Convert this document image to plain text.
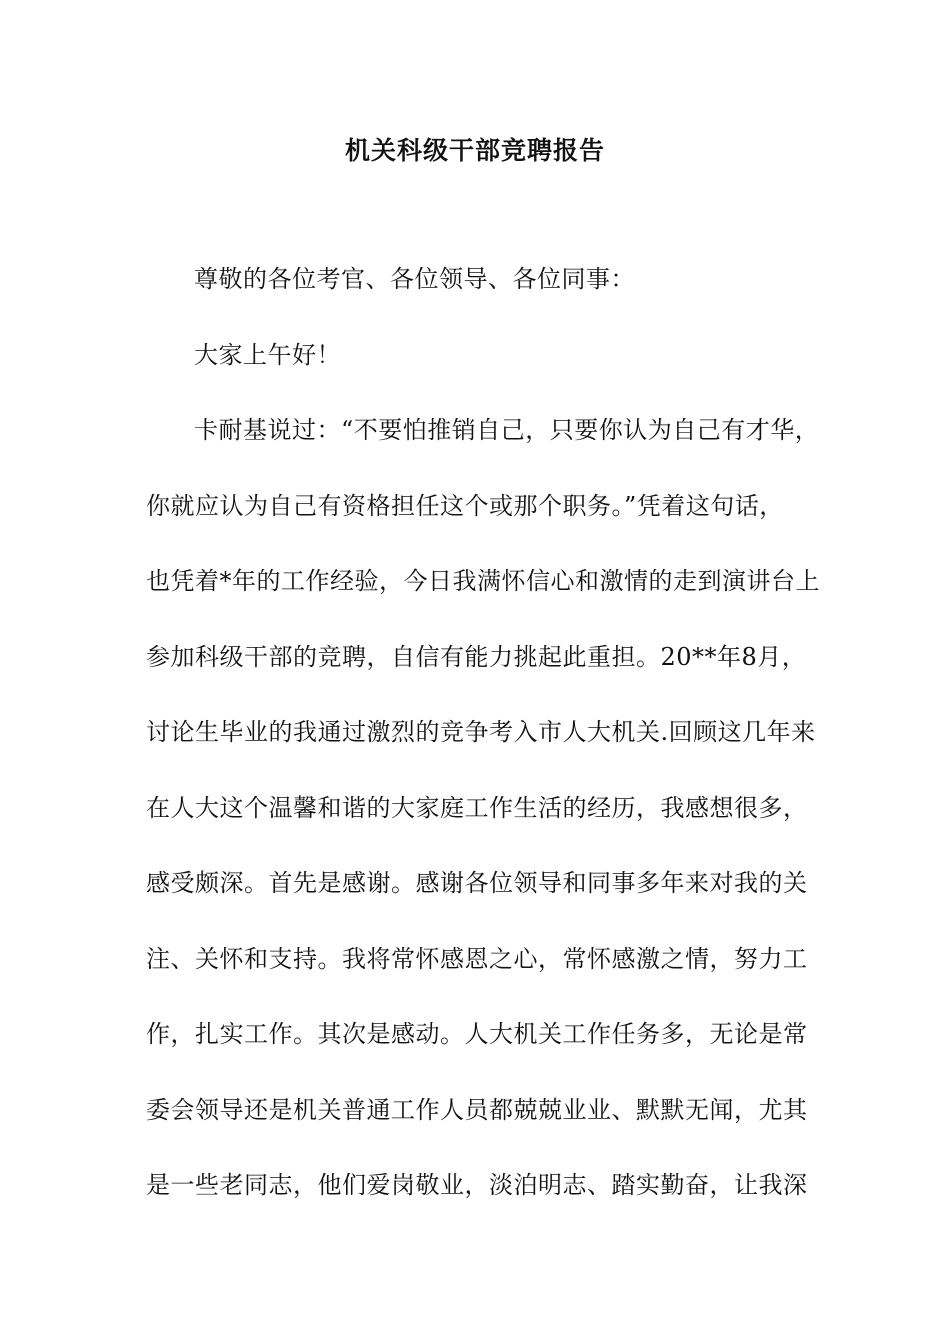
机关科级干部竞聘报告
尊敬的各位考官、各位领导、各位同事：
大家上午好！
卡耐基说过：“不要怕推销自己，只要你认为自己有才华，
你就应认为自己有资格担任这个或那个职务。”凭着这句话，
也凭着*年的工作经验，今日我满怀信心和激情的走到演讲台上
参加科级干部的竞聘，自信有能力挑起此重担。20**年8月，
讨论生毕业的我通过激烈的竞争考入市人大机关.回顾这几年来
在人大这个温馨和谐的大家庭工作生活的经历，我感想很多，
感受颇深。首先是感谢。感谢各位领导和同事多年来对我的关
注、关怀和支持。我将常怀感恩之心，常怀感激之情，努力工
作，扎实工作。其次是感动。人大机关工作任务多，无论是常
委会领导还是机关普通工作人员都兢兢业业、默默无闻，尤其
是一些老同志，他们爱岗敬业，淡泊明志、踏实勤奋，让我深
